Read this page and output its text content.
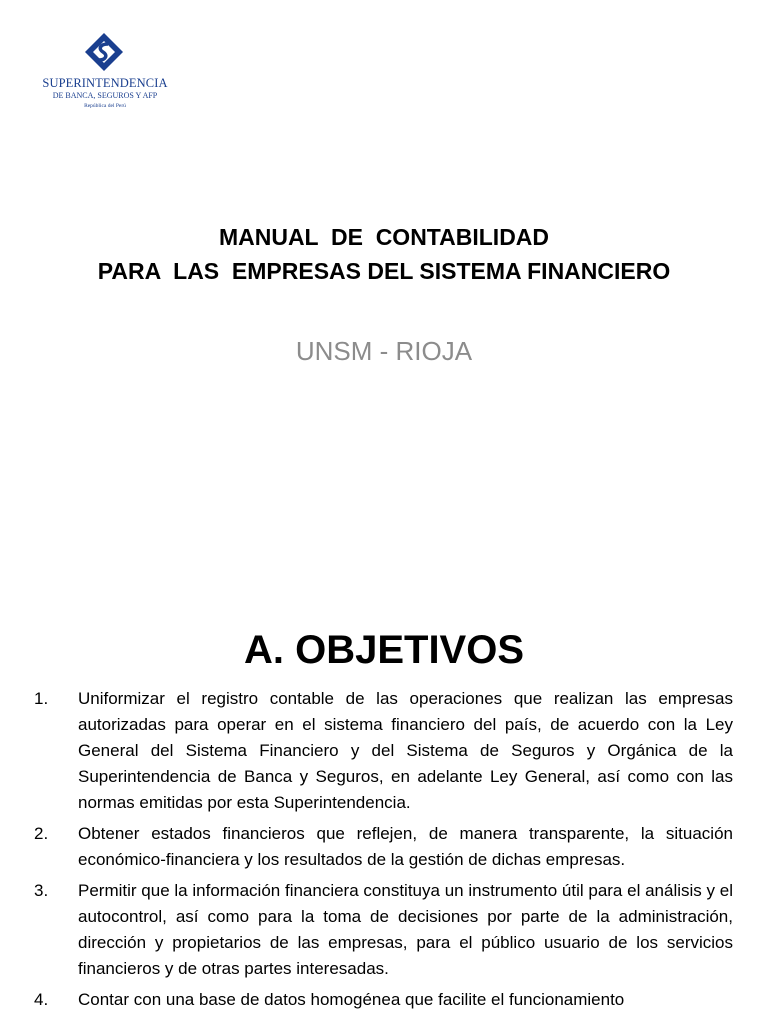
SUPERINTENDENCIA
DE BANCA, SEGUROS Y AFP
República del Perú
MANUAL  DE  CONTABILIDAD
PARA  LAS  EMPRESAS DEL SISTEMA FINANCIERO
UNSM - RIOJA
A. OBJETIVOS
1. Uniformizar el registro contable de las operaciones que realizan las empresas autorizadas para operar en el sistema financiero del país, de acuerdo con la Ley General del Sistema Financiero y del Sistema de Seguros y Orgánica de la Superintendencia de Banca y Seguros, en adelante Ley General, así como con las normas emitidas por esta Superintendencia.
2. Obtener estados financieros que reflejen, de manera transparente, la situación económico-financiera y los resultados de la gestión de dichas empresas.
3. Permitir que la información financiera constituya un instrumento útil para el análisis y el autocontrol, así como para la toma de decisiones por parte de la administración, dirección y propietarios de las empresas, para el público usuario de los servicios financieros y de otras partes interesadas.
4. Contar con una base de datos homogénea que facilite el funcionamiento
